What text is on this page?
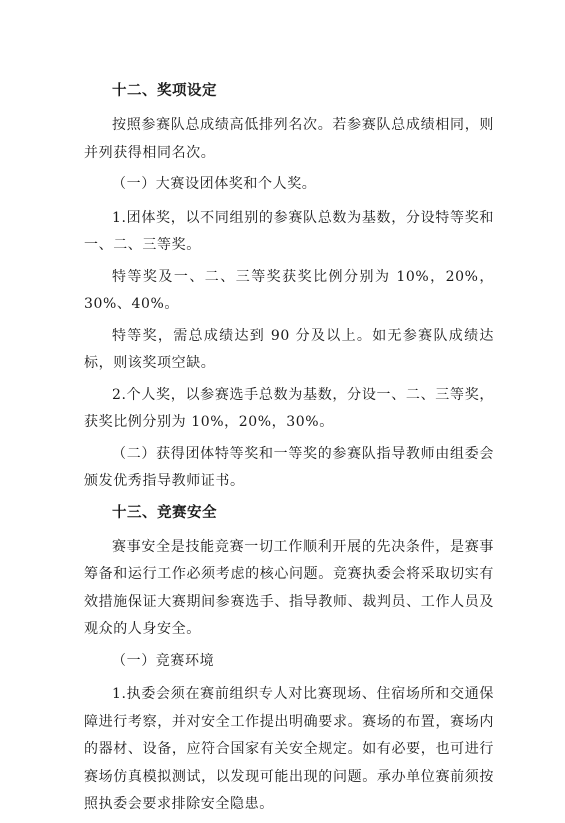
十二、奖项设定

按照参赛队总成绩高低排列名次。若参赛队总成绩相同，则并列获得相同名次。

（一）大赛设团体奖和个人奖。

1.团体奖，以不同组别的参赛队总数为基数，分设特等奖和一、二、三等奖。

特等奖及一、二、三等奖获奖比例分别为 10%，20%，30%、40%。

特等奖，需总成绩达到 90 分及以上。如无参赛队成绩达标，则该奖项空缺。

2.个人奖，以参赛选手总数为基数，分设一、二、三等奖，获奖比例分别为 10%，20%，30%。

（二）获得团体特等奖和一等奖的参赛队指导教师由组委会颁发优秀指导教师证书。

十三、竞赛安全

赛事安全是技能竞赛一切工作顺利开展的先决条件，是赛事筹备和运行工作必须考虑的核心问题。竞赛执委会将采取切实有效措施保证大赛期间参赛选手、指导教师、裁判员、工作人员及观众的人身安全。

（一）竞赛环境

1.执委会须在赛前组织专人对比赛现场、住宿场所和交通保障进行考察，并对安全工作提出明确要求。赛场的布置，赛场内的器材、设备，应符合国家有关安全规定。如有必要，也可进行赛场仿真模拟测试，以发现可能出现的问题。承办单位赛前须按照执委会要求排除安全隐患。
